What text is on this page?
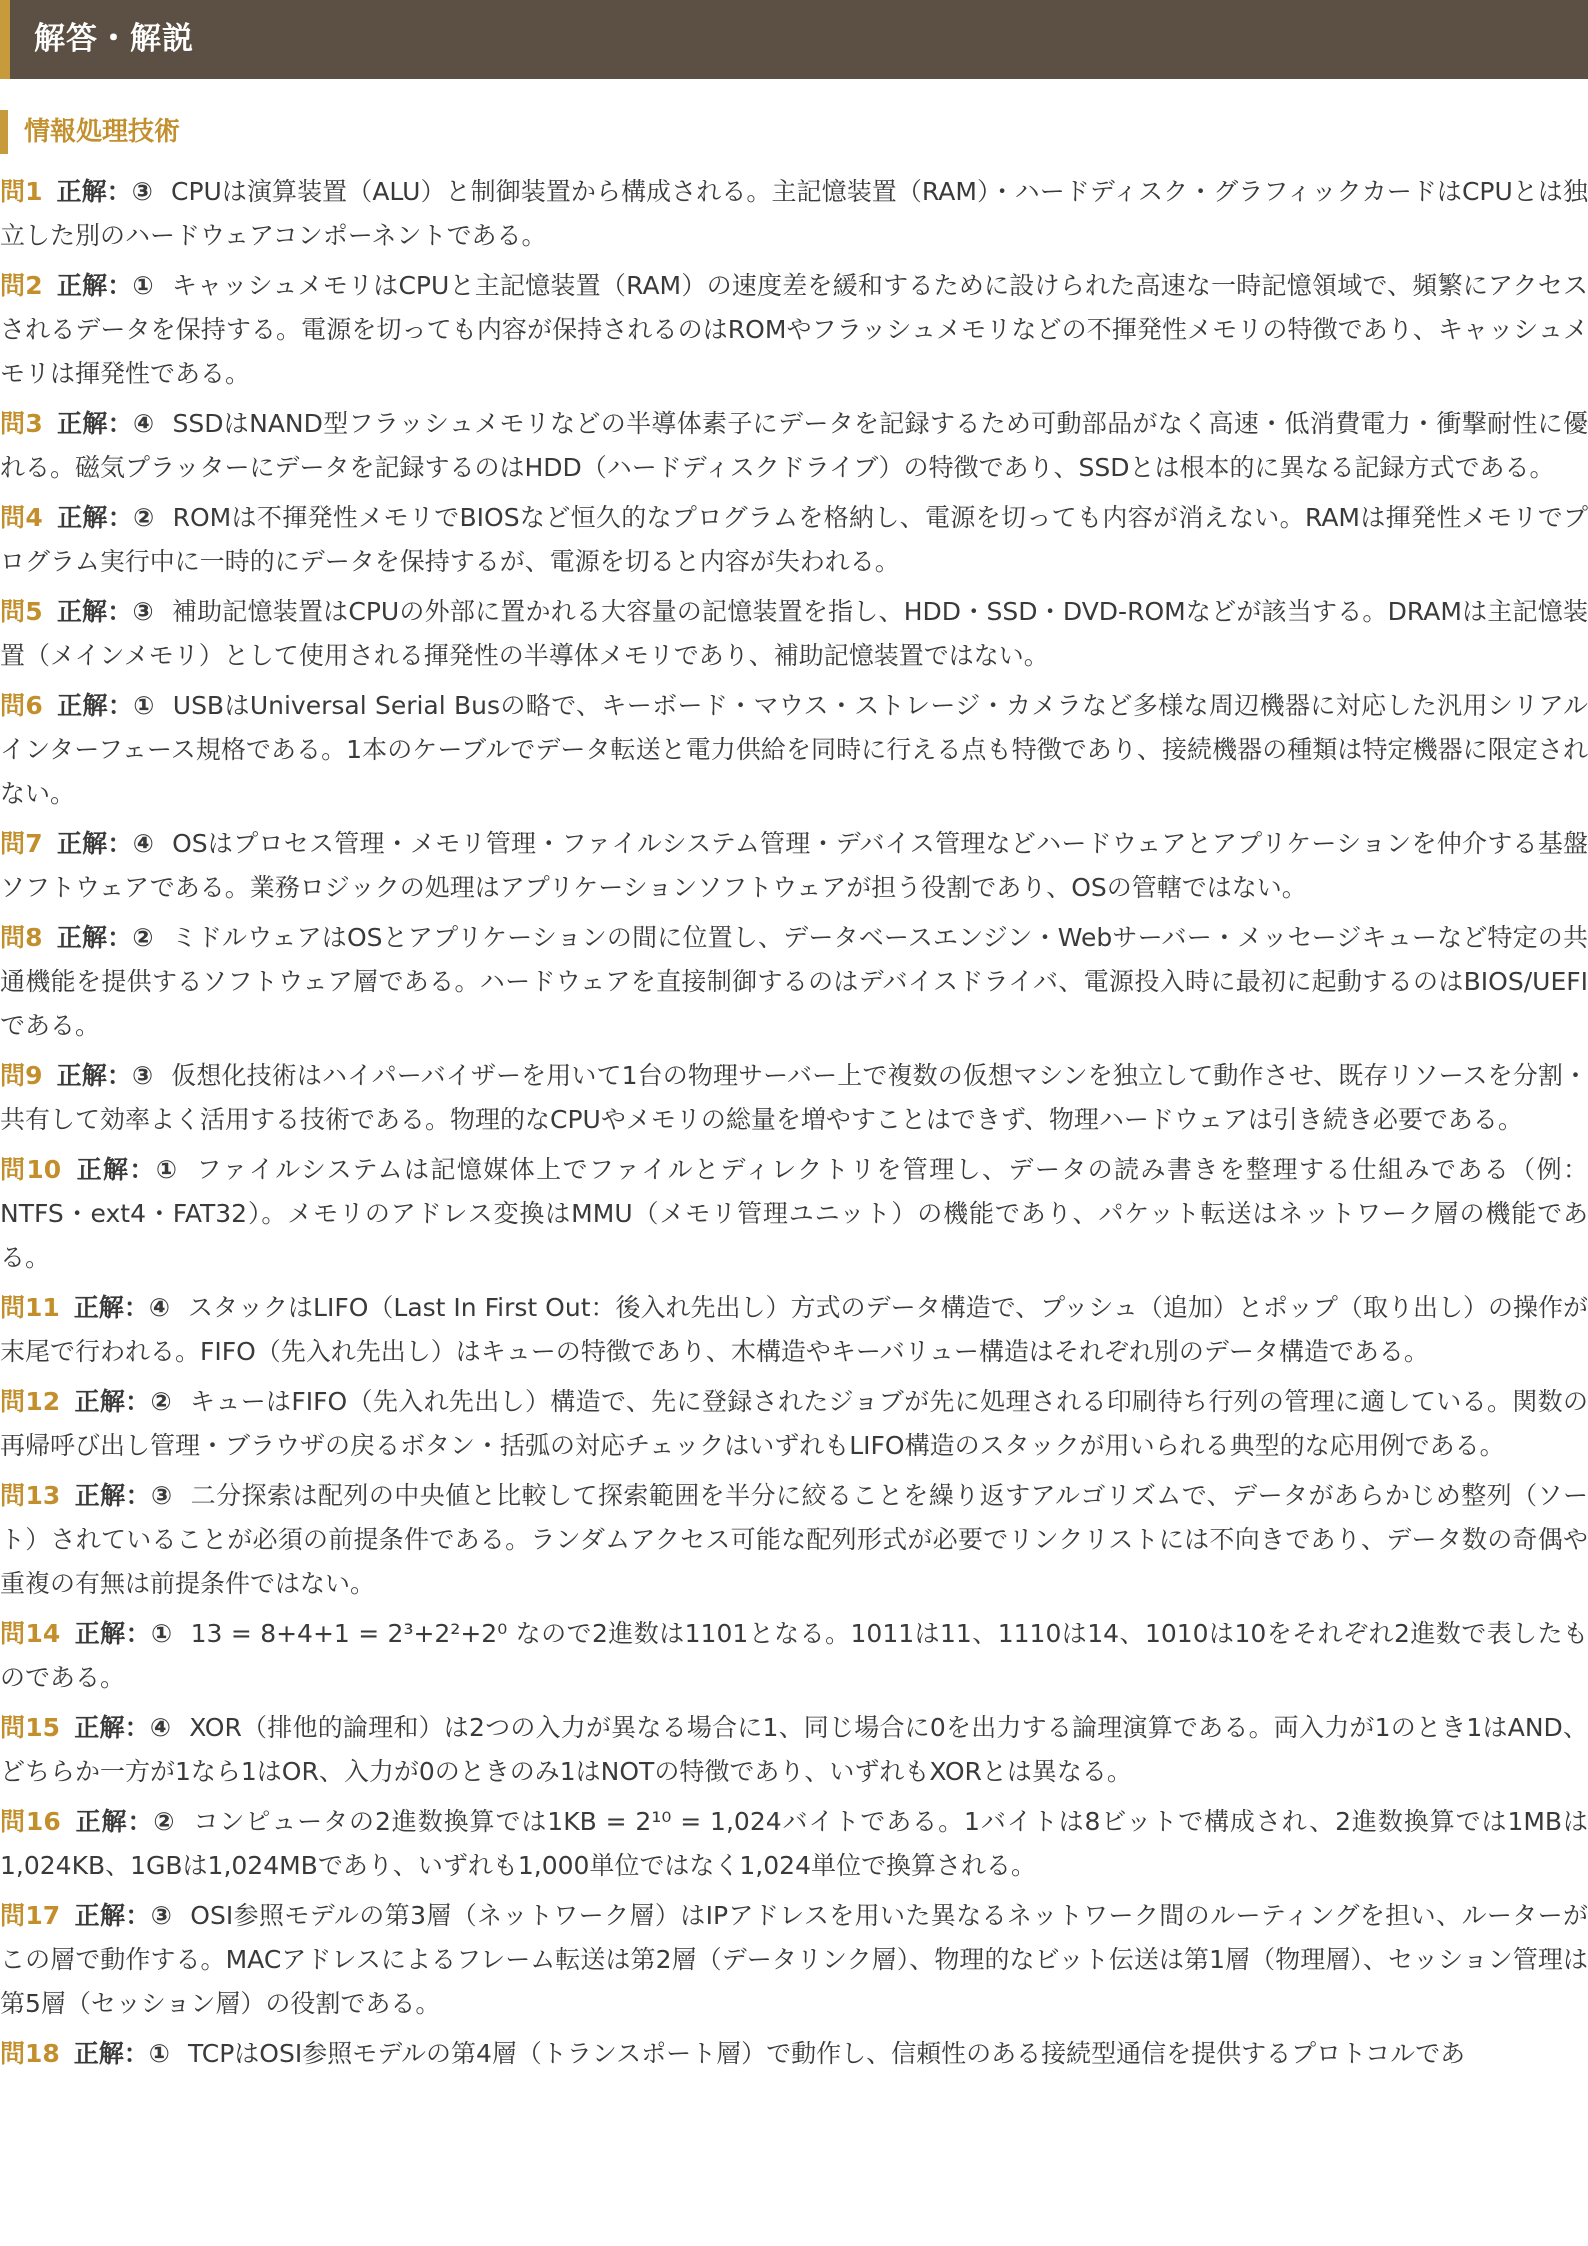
解答・解説
情報処理技術

問1 正解：③ CPUは演算装置（ALU）と制御装置から構成される。主記憶装置（RAM）・ハードディスク・グラフィックカードはCPUとは独立した別のハードウェアコンポーネントである。

問2 正解：① キャッシュメモリはCPUと主記憶装置（RAM）の速度差を緩和するために設けられた高速な一時記憶領域で、頻繁にアクセスされるデータを保持する。電源を切っても内容が保持されるのはROMやフラッシュメモリなどの不揮発性メモリの特徴であり、キャッシュメモリは揮発性である。

問3 正解：④ SSDはNAND型フラッシュメモリなどの半導体素子にデータを記録するため可動部品がなく高速・低消費電力・衝撃耐性に優れる。磁気プラッターにデータを記録するのはHDD（ハードディスクドライブ）の特徴であり、SSDとは根本的に異なる記録方式である。

問4 正解：② ROMは不揮発性メモリでBIOSなど恒久的なプログラムを格納し、電源を切っても内容が消えない。RAMは揮発性メモリでプログラム実行中に一時的にデータを保持するが、電源を切ると内容が失われる。

問5 正解：③ 補助記憶装置はCPUの外部に置かれる大容量の記憶装置を指し、HDD・SSD・DVD-ROMなどが該当する。DRAMは主記憶装置（メインメモリ）として使用される揮発性の半導体メモリであり、補助記憶装置ではない。

問6 正解：① USBはUniversal Serial Busの略で、キーボード・マウス・ストレージ・カメラなど多様な周辺機器に対応した汎用シリアルインターフェース規格である。1本のケーブルでデータ転送と電力供給を同時に行える点も特徴であり、接続機器の種類は特定機器に限定されない。

問7 正解：④ OSはプロセス管理・メモリ管理・ファイルシステム管理・デバイス管理などハードウェアとアプリケーションを仲介する基盤ソフトウェアである。業務ロジックの処理はアプリケーションソフトウェアが担う役割であり、OSの管轄ではない。

問8 正解：② ミドルウェアはOSとアプリケーションの間に位置し、データベースエンジン・Webサーバー・メッセージキューなど特定の共通機能を提供するソフトウェア層である。ハードウェアを直接制御するのはデバイスドライバ、電源投入時に最初に起動するのはBIOS/UEFIである。

問9 正解：③ 仮想化技術はハイパーバイザーを用いて1台の物理サーバー上で複数の仮想マシンを独立して動作させ、既存リソースを分割・共有して効率よく活用する技術である。物理的なCPUやメモリの総量を増やすことはできず、物理ハードウェアは引き続き必要である。

問10 正解：① ファイルシステムは記憶媒体上でファイルとディレクトリを管理し、データの読み書きを整理する仕組みである（例：NTFS・ext4・FAT32）。メモリのアドレス変換はMMU（メモリ管理ユニット）の機能であり、パケット転送はネットワーク層の機能である。

問11 正解：④ スタックはLIFO（Last In First Out：後入れ先出し）方式のデータ構造で、プッシュ（追加）とポップ（取り出し）の操作が末尾で行われる。FIFO（先入れ先出し）はキューの特徴であり、木構造やキーバリュー構造はそれぞれ別のデータ構造である。

問12 正解：② キューはFIFO（先入れ先出し）構造で、先に登録されたジョブが先に処理される印刷待ち行列の管理に適している。関数の再帰呼び出し管理・ブラウザの戻るボタン・括弧の対応チェックはいずれもLIFO構造のスタックが用いられる典型的な応用例である。

問13 正解：③ 二分探索は配列の中央値と比較して探索範囲を半分に絞ることを繰り返すアルゴリズムで、データがあらかじめ整列（ソート）されていることが必須の前提条件である。ランダムアクセス可能な配列形式が必要でリンクリストには不向きであり、データ数の奇偶や重複の有無は前提条件ではない。

問14 正解：① 13 = 8+4+1 = 2³+2²+2⁰ なので2進数は1101となる。1011は11、1110は14、1010は10をそれぞれ2進数で表したものである。

問15 正解：④ XOR（排他的論理和）は2つの入力が異なる場合に1、同じ場合に0を出力する論理演算である。両入力が1のとき1はAND、どちらか一方が1なら1はOR、入力が0のときのみ1はNOTの特徴であり、いずれもXORとは異なる。

問16 正解：② コンピュータの2進数換算では1KB = 2¹⁰ = 1,024バイトである。1バイトは8ビットで構成され、2進数換算では1MBは1,024KB、1GBは1,024MBであり、いずれも1,000単位ではなく1,024単位で換算される。

問17 正解：③ OSI参照モデルの第3層（ネットワーク層）はIPアドレスを用いた異なるネットワーク間のルーティングを担い、ルーターがこの層で動作する。MACアドレスによるフレーム転送は第2層（データリンク層）、物理的なビット伝送は第1層（物理層）、セッション管理は第5層（セッション層）の役割である。

問18 正解：① TCPはOSI参照モデルの第4層（トランスポート層）で動作し、信頼性のある接続型通信を提供するプロトコルであ
